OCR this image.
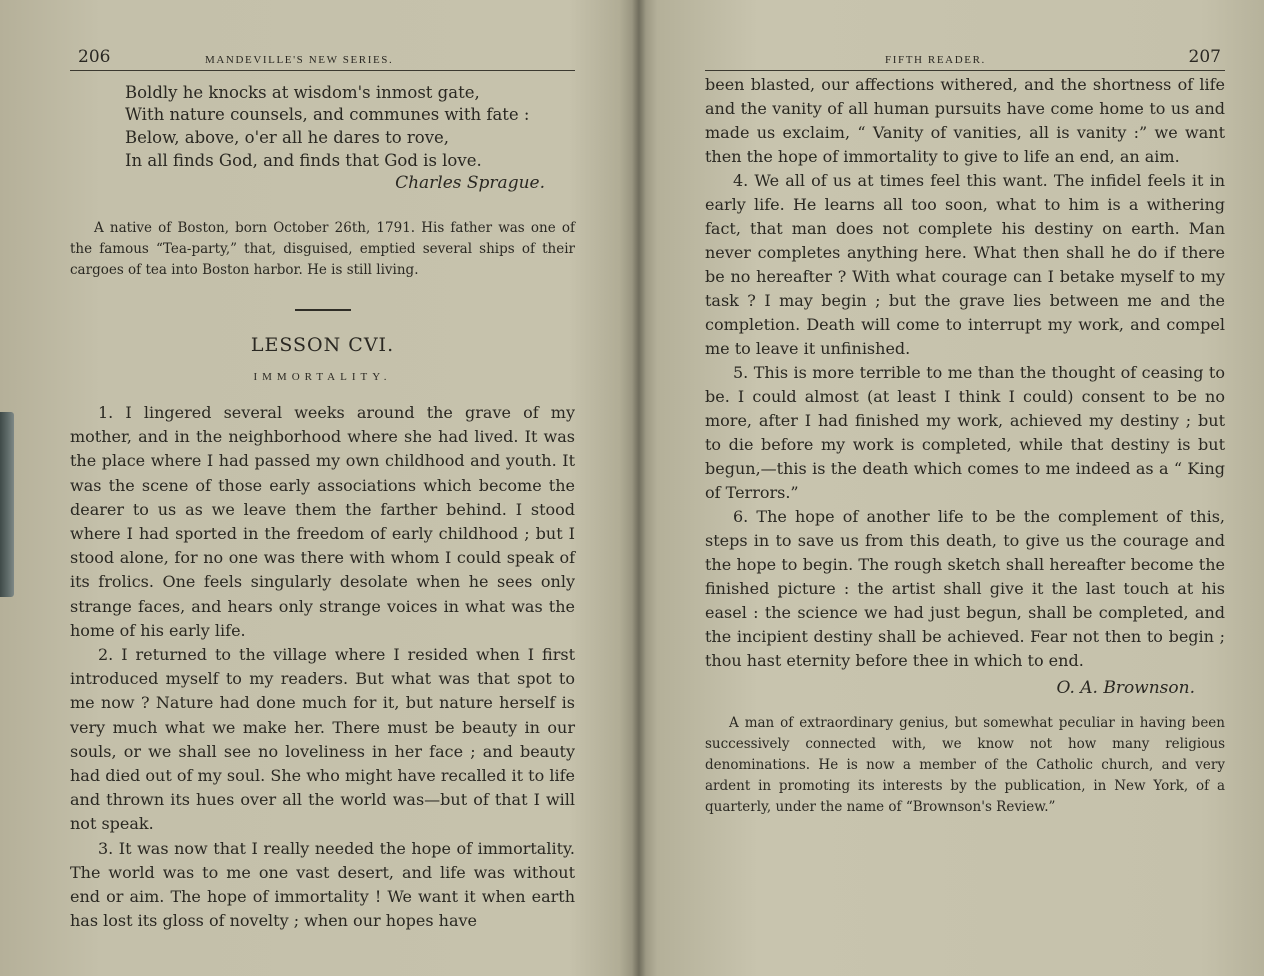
206	MANDEVILLE'S NEW SERIES.
Boldly he knocks at wisdom's inmost gate,
With nature counsels, and communes with fate :
Below, above, o'er all he dares to rove,
In all finds God, and finds that God is love.
Charles Sprague.

A native of Boston, born October 26th, 1791. His father was one of the famous “Tea-party,” that, disguised, emptied several ships of their cargoes of tea into Boston harbor. He is still living.

LESSON CVI.
IMMORTALITY.

1. I lingered several weeks around the grave of my mother, and in the neighborhood where she had lived. It was the place where I had passed my own childhood and youth. It was the scene of those early associations which become the dearer to us as we leave them the farther behind. I stood where I had sported in the freedom of early childhood ; but I stood alone, for no one was there with whom I could speak of its frolics. One feels singularly desolate when he sees only strange faces, and hears only strange voices in what was the home of his early life.

2. I returned to the village where I resided when I first introduced myself to my readers. But what was that spot to me now ? Nature had done much for it, but nature herself is very much what we make her. There must be beauty in our souls, or we shall see no loveliness in her face ; and beauty had died out of my soul. She who might have recalled it to life and thrown its hues over all the world was—but of that I will not speak.

3. It was now that I really needed the hope of immortality. The world was to me one vast desert, and life was without end or aim. The hope of immortality ! We want it when earth has lost its gloss of novelty ; when our hopes have

FIFTH READER.	207

been blasted, our affections withered, and the shortness of life and the vanity of all human pursuits have come home to us and made us exclaim, “ Vanity of vanities, all is vanity :” we want then the hope of immortality to give to life an end, an aim.

4. We all of us at times feel this want. The infidel feels it in early life. He learns all too soon, what to him is a withering fact, that man does not complete his destiny on earth. Man never completes anything here. What then shall he do if there be no hereafter ? With what courage can I betake myself to my task ? I may begin ; but the grave lies between me and the completion. Death will come to interrupt my work, and compel me to leave it unfinished.

5. This is more terrible to me than the thought of ceasing to be. I could almost (at least I think I could) consent to be no more, after I had finished my work, achieved my destiny ; but to die before my work is completed, while that destiny is but begun,—this is the death which comes to me indeed as a “ King of Terrors.”

6. The hope of another life to be the complement of this, steps in to save us from this death, to give us the courage and the hope to begin. The rough sketch shall hereafter become the finished picture : the artist shall give it the last touch at his easel : the science we had just begun, shall be completed, and the incipient destiny shall be achieved. Fear not then to begin ; thou hast eternity before thee in which to end.

O. A. Brownson.

A man of extraordinary genius, but somewhat peculiar in having been successively connected with, we know not how many religious denominations. He is now a member of the Catholic church, and very ardent in promoting its interests by the publication, in New York, of a quarterly, under the name of “Brownson's Review.”
